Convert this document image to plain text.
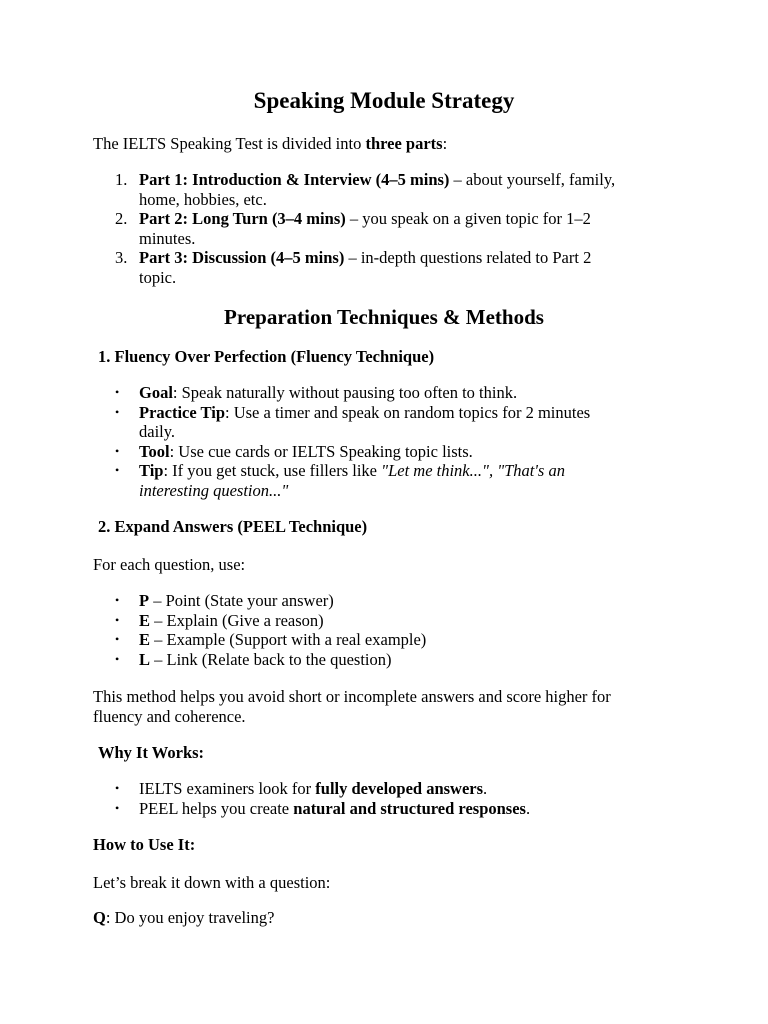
Speaking Module Strategy

The IELTS Speaking Test is divided into three parts:

1. Part 1: Introduction & Interview (4–5 mins) – about yourself, family,
home, hobbies, etc.
2. Part 2: Long Turn (3–4 mins) – you speak on a given topic for 1–2
minutes.
3. Part 3: Discussion (4–5 mins) – in-depth questions related to Part 2
topic.
Preparation Techniques & Methods

1. Fluency Over Perfection (Fluency Technique)

• Goal: Speak naturally without pausing too often to think.
• Practice Tip: Use a timer and speak on random topics for 2 minutes
daily.
• Tool: Use cue cards or IELTS Speaking topic lists.
• Tip: If you get stuck, use fillers like "Let me think...", "That's an
interesting question..."

2. Expand Answers (PEEL Technique)

For each question, use:

• P – Point (State your answer)
• E – Explain (Give a reason)
• E – Example (Support with a real example)
• L – Link (Relate back to the question)

This method helps you avoid short or incomplete answers and score higher for
fluency and coherence.

Why It Works:

• IELTS examiners look for fully developed answers.
• PEEL helps you create natural and structured responses.

How to Use It:

Let’s break it down with a question:

Q: Do you enjoy traveling?
